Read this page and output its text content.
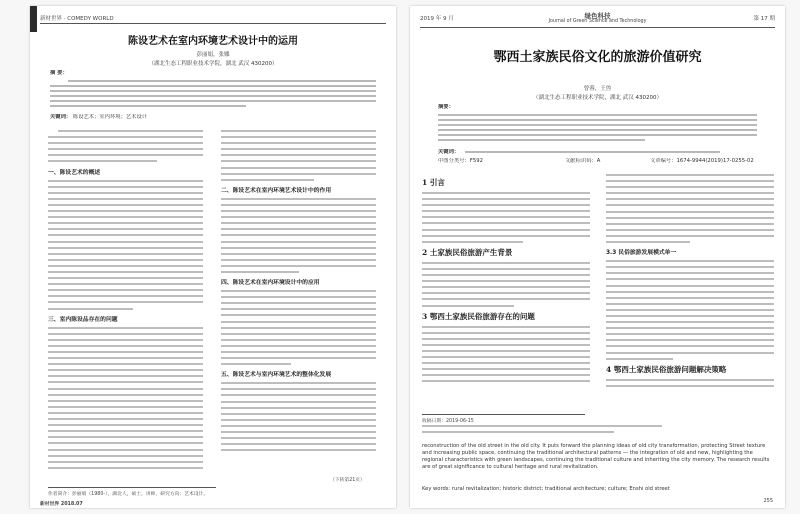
新材世界 · COMEDY WORLD
陈设艺术在室内环境艺术设计中的运用
彭丽娟，张娜
（湖北生态工程职业技术学院，湖北 武汉 430200）
摘 要：
关键词： 陈设艺术；室内环境；艺术设计
一、陈设艺术的概述
三、室内陈设品存在的问题
二、陈设艺术在室内环境艺术设计中的作用
四、陈设艺术在室内环境设计中的应用
五、陈设艺术与室内环境艺术的整体化发展
（下转第21页）
作者简介：彭丽娟（1980-），湖北人，硕士，讲师，研究方向：艺术设计。
新材世界 2018.07
2019 年 9 月	绿色科技
Journal of Green Science and Technology	第 17 期
鄂西土家族民俗文化的旅游价值研究
曾蓉，王兽
（湖北生态工程职业技术学院，湖北 武汉 430200）
摘要：
关键词：
中图分类号：F592	文献标识码：A	文章编号：1674-9944(2019)17-0255-02
1 引言
2 土家族民俗旅游产生背景
3 鄂西土家族民俗旅游存在的问题
3.3 民俗旅游发展模式单一
4 鄂西土家族民俗旅游问题解决策略
收稿日期：2019-06-15
reconstruction of the old street in the old city. It puts forward the planning ideas of old city transformation, protecting Street texture and increasing public space, continuing the traditional architectural patterns — the integration of old and new, highlighting the regional characteristics with green landscapes, continuing the traditional culture and inheriting the city memory. The research results are of great significance to cultural heritage and rural revitalization.
Key words: rural revitalization; historic district; traditional architecture; culture; Enshi old street
255
